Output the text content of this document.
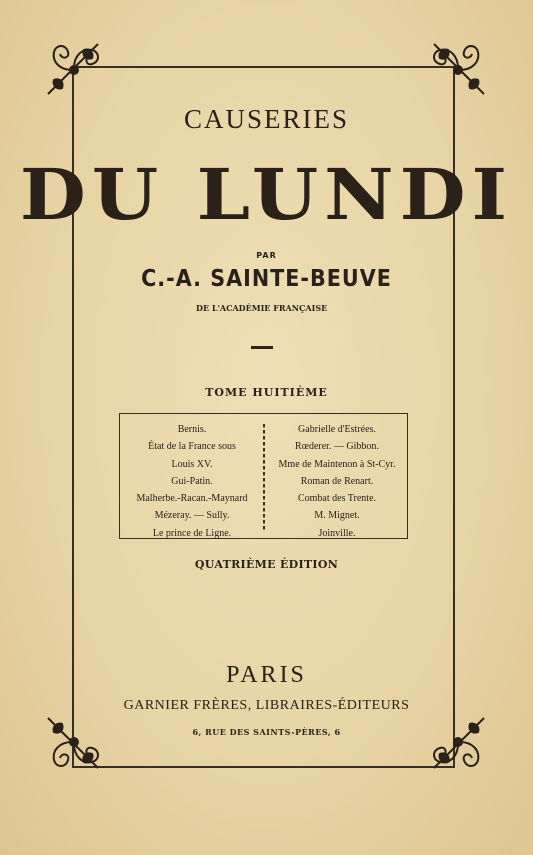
CAUSERIES
DU LUNDI
PAR
C.-A. SAINTE-BEUVE
DE L'ACADÉMIE FRANÇAISE
TOME HUITIÈME
Bernis.
État de la France sous
Louis XV.
Gui-Patin.
Malherbe.-Racan.-Maynard
Mézeray. — Sully.
Le prince de Ligne.
Gabrielle d'Estrées.
Rœderer. — Gibbon.
Mme de Maintenon à St-Cyr.
Roman de Renart.
Combat des Trente.
M. Mignet.
Joinville.
QUATRIÈME ÉDITION
PARIS
GARNIER FRÈRES, LIBRAIRES-ÉDITEURS
6, RUE DES SAINTS-PÈRES, 6
